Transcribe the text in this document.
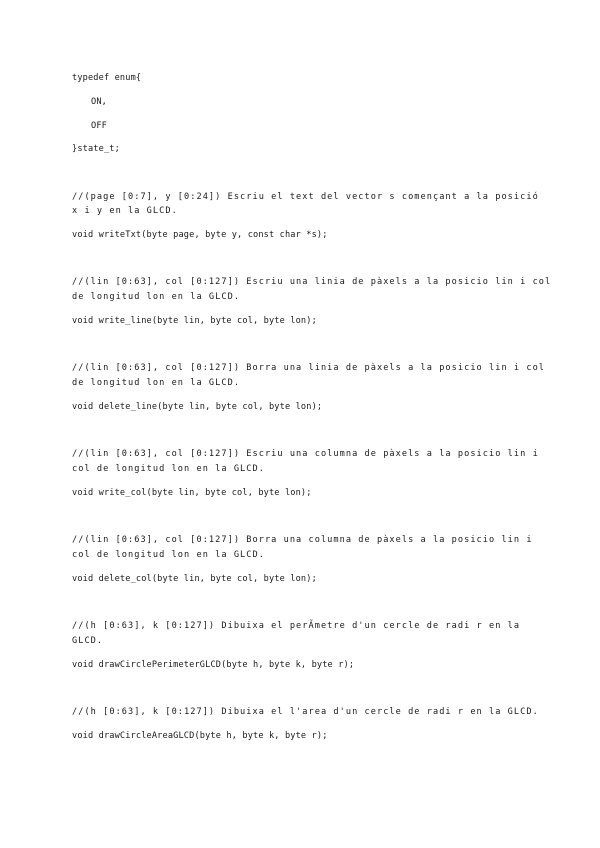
typedef enum{
ON,
OFF
}state_t;
//(page [0:7], y [0:24]) Escriu el text del vector s començant a la posició
x i y en la GLCD.
void writeTxt(byte page, byte y, const char *s);
//(lin [0:63], col [0:127]) Escriu una linia de pàxels a la posicio lin i col
de longitud lon en la GLCD.
void write_line(byte lin, byte col, byte lon);
//(lin [0:63], col [0:127]) Borra una linia de pàxels a la posicio lin i col
de longitud lon en la GLCD.
void delete_line(byte lin, byte col, byte lon);
//(lin [0:63], col [0:127]) Escriu una columna de pàxels a la posicio lin i
col de longitud lon en la GLCD.
void write_col(byte lin, byte col, byte lon);
//(lin [0:63], col [0:127]) Borra una columna de pàxels a la posicio lin i
col de longitud lon en la GLCD.
void delete_col(byte lin, byte col, byte lon);
//(h [0:63], k [0:127]) Dibuixa el perÃmetre d'un cercle de radi r en la
GLCD.
void drawCirclePerimeterGLCD(byte h, byte k, byte r);
//(h [0:63], k [0:127]) Dibuixa el l'area d'un cercle de radi r en la GLCD.
void drawCircleAreaGLCD(byte h, byte k, byte r);
